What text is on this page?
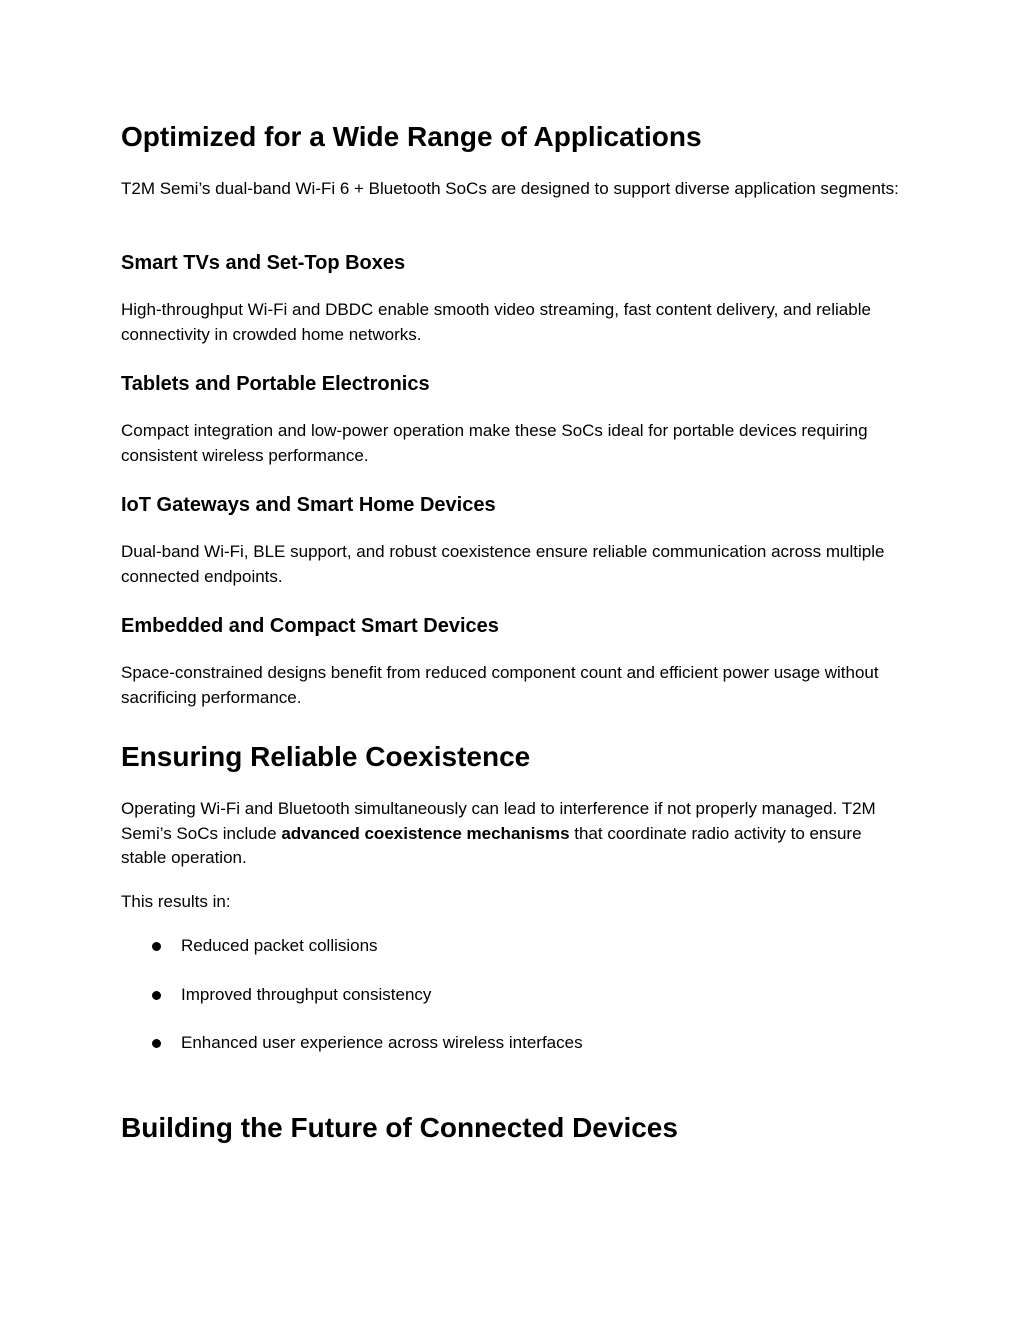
Optimized for a Wide Range of Applications

T2M Semi’s dual-band Wi-Fi 6 + Bluetooth SoCs are designed to support diverse application segments:

Smart TVs and Set-Top Boxes

High-throughput Wi-Fi and DBDC enable smooth video streaming, fast content delivery, and reliable connectivity in crowded home networks.

Tablets and Portable Electronics

Compact integration and low-power operation make these SoCs ideal for portable devices requiring consistent wireless performance.

IoT Gateways and Smart Home Devices

Dual-band Wi-Fi, BLE support, and robust coexistence ensure reliable communication across multiple connected endpoints.

Embedded and Compact Smart Devices

Space-constrained designs benefit from reduced component count and efficient power usage without sacrificing performance.

Ensuring Reliable Coexistence

Operating Wi-Fi and Bluetooth simultaneously can lead to interference if not properly managed. T2M Semi’s SoCs include advanced coexistence mechanisms that coordinate radio activity to ensure stable operation.

This results in:

Reduced packet collisions
Improved throughput consistency
Enhanced user experience across wireless interfaces
Building the Future of Connected Devices
